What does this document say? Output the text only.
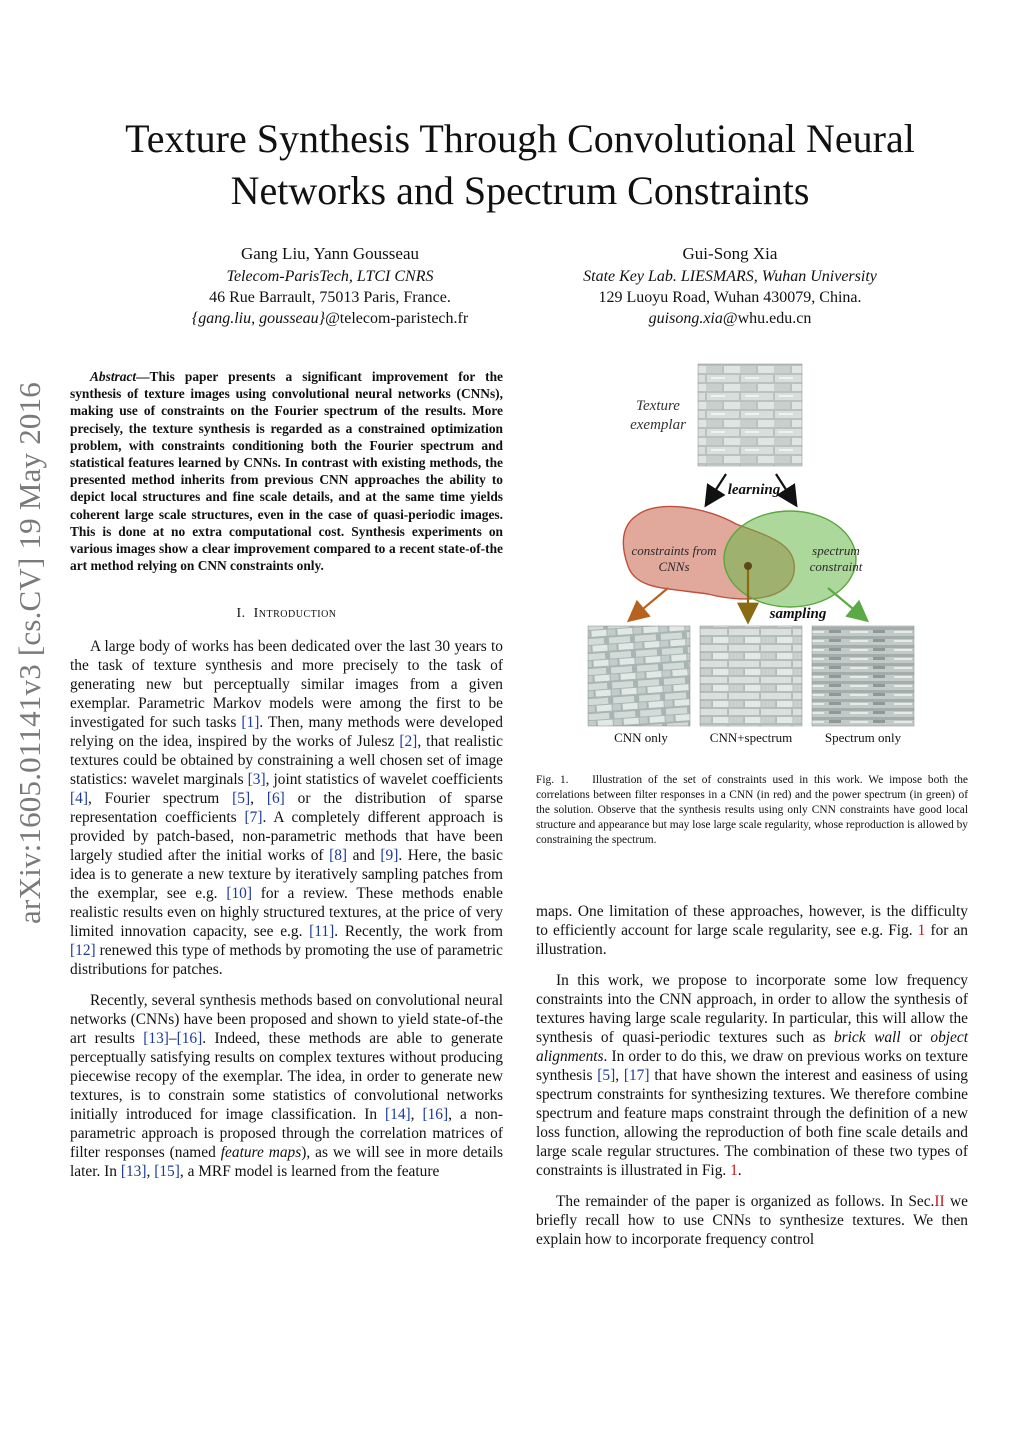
arXiv:1605.01141v3 [cs.CV] 19 May 2016
Texture Synthesis Through Convolutional Neural Networks and Spectrum Constraints
Gang Liu, Yann Gousseau
Telecom-ParisTech, LTCI CNRS
46 Rue Barrault, 75013 Paris, France.
{gang.liu, gousseau}@telecom-paristech.fr
Gui-Song Xia
State Key Lab. LIESMARS, Wuhan University
129 Luoyu Road, Wuhan 430079, China.
guisong.xia@whu.edu.cn

Abstract—This paper presents a significant improvement for the synthesis of texture images using convolutional neural networks (CNNs), making use of constraints on the Fourier spectrum of the results. More precisely, the texture synthesis is regarded as a constrained optimization problem, with constraints conditioning both the Fourier spectrum and statistical features learned by CNNs. In contrast with existing methods, the presented method inherits from previous CNN approaches the ability to depict local structures and fine scale details, and at the same time yields coherent large scale structures, even in the case of quasi-periodic images. This is done at no extra computational cost. Synthesis experiments on various images show a clear improvement compared to a recent state-of-the art method relying on CNN constraints only.

I. Introduction

A large body of works has been dedicated over the last 30 years to the task of texture synthesis and more precisely to the task of generating new but perceptually similar images from a given exemplar. Parametric Markov models were among the first to be investigated for such tasks [1]. Then, many methods were developed relying on the idea, inspired by the works of Julesz [2], that realistic textures could be obtained by constraining a well chosen set of image statistics: wavelet marginals [3], joint statistics of wavelet coefficients [4], Fourier spectrum [5], [6] or the distribution of sparse representation coefficients [7]. A completely different approach is provided by patch-based, non-parametric methods that have been largely studied after the initial works of [8] and [9]. Here, the basic idea is to generate a new texture by iteratively sampling patches from the exemplar, see e.g. [10] for a review. These methods enable realistic results even on highly structured textures, at the price of very limited innovation capacity, see e.g. [11]. Recently, the work from [12] renewed this type of methods by promoting the use of parametric distributions for patches.

Recently, several synthesis methods based on convolutional neural networks (CNNs) have been proposed and shown to yield state-of-the art results [13]–[16]. Indeed, these methods are able to generate perceptually satisfying results on complex textures without producing piecewise recopy of the exemplar. The idea, in order to generate new textures, is to constrain some statistics of convolutional networks initially introduced for image classification. In [14], [16], a non-parametric approach is proposed through the correlation matrices of filter responses (named feature maps), as we will see in more details later. In [13], [15], a MRF model is learned from the feature

Texture
exemplar
learning
constraints from
CNNs
spectrum
constraint
sampling
CNN only	CNN+spectrum	Spectrum only
Fig. 1. Illustration of the set of constraints used in this work. We impose both the correlations between filter responses in a CNN (in red) and the power spectrum (in green) of the solution. Observe that the synthesis results using only CNN constraints have good local structure and appearance but may lose large scale regularity, whose reproduction is allowed by constraining the spectrum.

maps. One limitation of these approaches, however, is the difficulty to efficiently account for large scale regularity, see e.g. Fig. 1 for an illustration.

In this work, we propose to incorporate some low frequency constraints into the CNN approach, in order to allow the synthesis of textures having large scale regularity. In particular, this will allow the synthesis of quasi-periodic textures such as brick wall or object alignments. In order to do this, we draw on previous works on texture synthesis [5], [17] that have shown the interest and easiness of using spectrum constraints for synthesizing textures. We therefore combine spectrum and feature maps constraint through the definition of a new loss function, allowing the reproduction of both fine scale details and large scale regular structures. The combination of these two types of constraints is illustrated in Fig. 1.

The remainder of the paper is organized as follows. In Sec.II we briefly recall how to use CNNs to synthesize textures. We then explain how to incorporate frequency control
